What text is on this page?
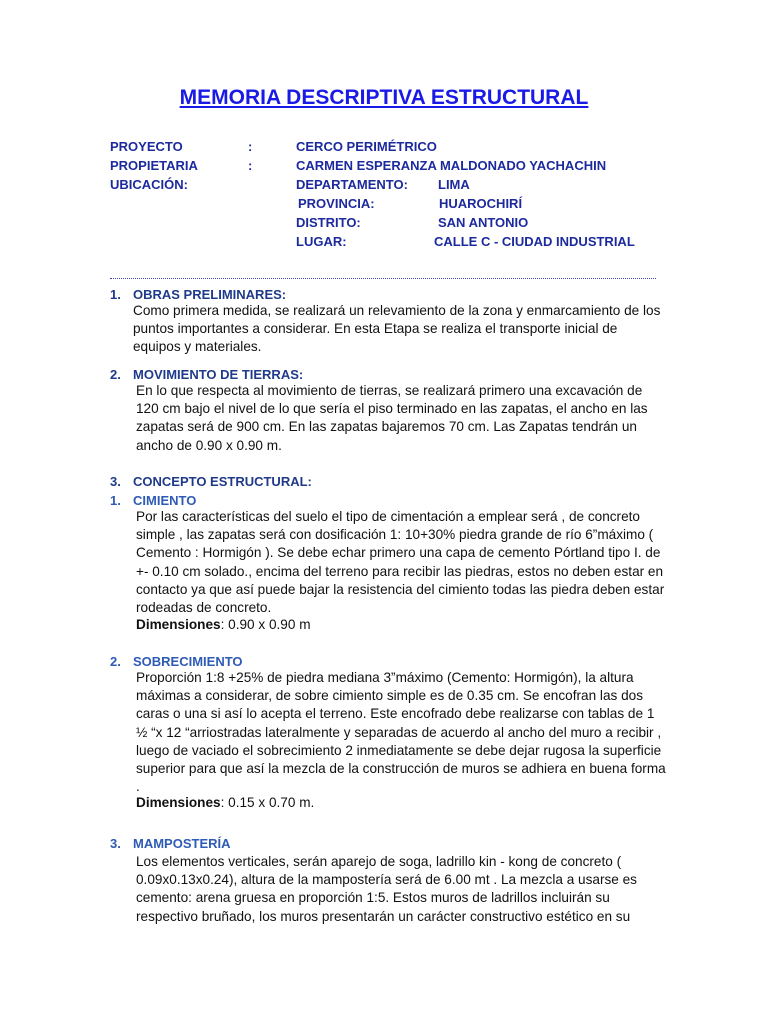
MEMORIA DESCRIPTIVA ESTRUCTURAL
PROYECTO	:	CERCO PERIMÉTRICO
PROPIETARIA	:	CARMEN ESPERANZA MALDONADO YACHACHIN
UBICACIÓN:	DEPARTAMENTO: LIMA
PROVINCIA:	HUAROCHIRÍ
DISTRITO:	SAN ANTONIO
LUGAR:	CALLE C - CIUDAD INDUSTRIAL
1. OBRAS PRELIMINARES:
Como primera medida, se realizará un relevamiento de la zona y enmarcamiento de los puntos importantes a considerar. En esta Etapa se realiza el transporte inicial de equipos y materiales.
2. MOVIMIENTO DE TIERRAS:
En lo que respecta al movimiento de tierras, se realizará primero una excavación de 120 cm bajo el nivel de lo que sería el piso terminado en las zapatas, el ancho en las zapatas será de 900 cm. En las zapatas bajaremos 70 cm. Las Zapatas tendrán un ancho de 0.90 x 0.90 m.
3. CONCEPTO ESTRUCTURAL:
1. CIMIENTO
Por las características del suelo el tipo de cimentación a emplear será , de concreto simple , las zapatas será con dosificación 1: 10+30% piedra grande de río 6”máximo ( Cemento : Hormigón ). Se debe echar primero una capa de cemento Pórtland tipo I. de +- 0.10 cm solado., encima del terreno para recibir las piedras, estos no deben estar en contacto ya que así puede bajar la resistencia del cimiento todas las piedra deben estar rodeadas de concreto.
Dimensiones: 0.90 x 0.90 m
2. SOBRECIMIENTO
Proporción 1:8 +25% de piedra mediana 3”máximo (Cemento: Hormigón), la altura máximas a considerar, de sobre cimiento simple es de 0.35 cm. Se encofran las dos caras o una si así lo acepta el terreno. Este encofrado debe realizarse con tablas de 1 ½ “x 12 “arriostradas lateralmente y separadas de acuerdo al ancho del muro a recibir , luego de vaciado el sobrecimiento 2 inmediatamente se debe dejar rugosa la superficie superior para que así la mezcla de la construcción de muros se adhiera en buena forma .
Dimensiones: 0.15 x 0.70 m.
3. MAMPOSTERÍA
Los elementos verticales, serán aparejo de soga, ladrillo kin - kong de concreto ( 0.09x0.13x0.24), altura de la mampostería será de 6.00 mt . La mezcla a usarse es cemento: arena gruesa en proporción 1:5. Estos muros de ladrillos incluirán su respectivo bruñado, los muros presentarán un carácter constructivo estético en su
